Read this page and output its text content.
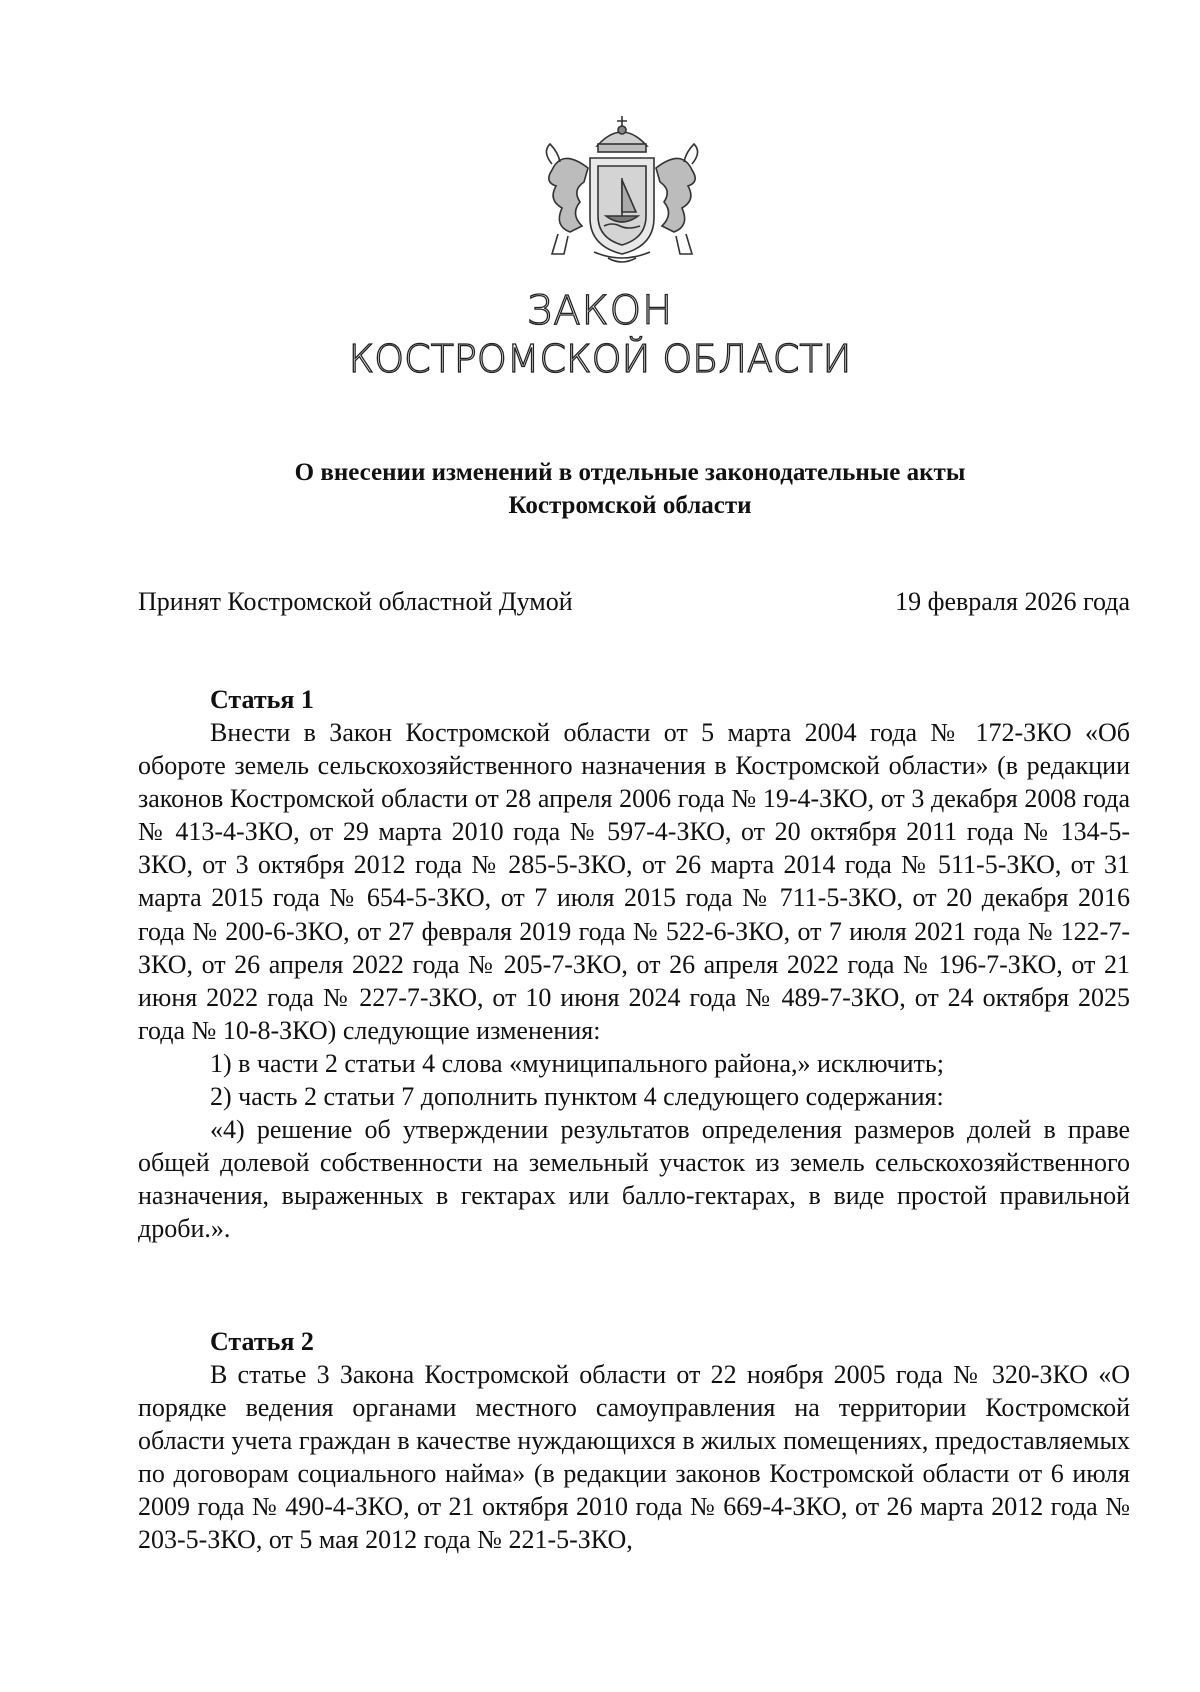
ЗАКОН
КОСТРОМСКОЙ ОБЛАСТИ
О внесении изменений в отдельные законодательные акты
Костромской области
Принят Костромской областной Думой	19 февраля 2026 года
Статья 1

Внести в Закон Костромской области от 5 марта 2004 года № 172-ЗКО «Об обороте земель сельскохозяйственного назначения в Костромской области» (в редакции законов Костромской области от 28 апреля 2006 года № 19-4-ЗКО, от 3 декабря 2008 года № 413-4-ЗКО, от 29 марта 2010 года № 597-4-ЗКО, от 20 октября 2011 года № 134-5-ЗКО, от 3 октября 2012 года № 285-5-ЗКО, от 26 марта 2014 года № 511-5-ЗКО, от 31 марта 2015 года № 654-5-ЗКО, от 7 июля 2015 года № 711-5-ЗКО, от 20 декабря 2016 года № 200-6-ЗКО, от 27 февраля 2019 года № 522-6-ЗКО, от 7 июля 2021 года № 122-7-ЗКО, от 26 апреля 2022 года № 205-7-ЗКО, от 26 апреля 2022 года № 196-7-ЗКО, от 21 июня 2022 года № 227-7-ЗКО, от 10 июня 2024 года № 489-7-ЗКО, от 24 октября 2025 года № 10-8-ЗКО) следующие изменения:

1) в части 2 статьи 4 слова «муниципального района,» исключить;

2) часть 2 статьи 7 дополнить пунктом 4 следующего содержания:

«4) решение об утверждении результатов определения размеров долей в праве общей долевой собственности на земельный участок из земель сельскохозяйственного назначения, выраженных в гектарах или балло-гектарах, в виде простой правильной дроби.».

Статья 2

В статье 3 Закона Костромской области от 22 ноября 2005 года № 320-ЗКО «О порядке ведения органами местного самоуправления на территории Костромской области учета граждан в качестве нуждающихся в жилых помещениях, предоставляемых по договорам социального найма» (в редакции законов Костромской области от 6 июля 2009 года № 490-4-ЗКО, от 21 октября 2010 года № 669-4-ЗКО, от 26 марта 2012 года № 203-5-ЗКО, от 5 мая 2012 года № 221-5-ЗКО,
